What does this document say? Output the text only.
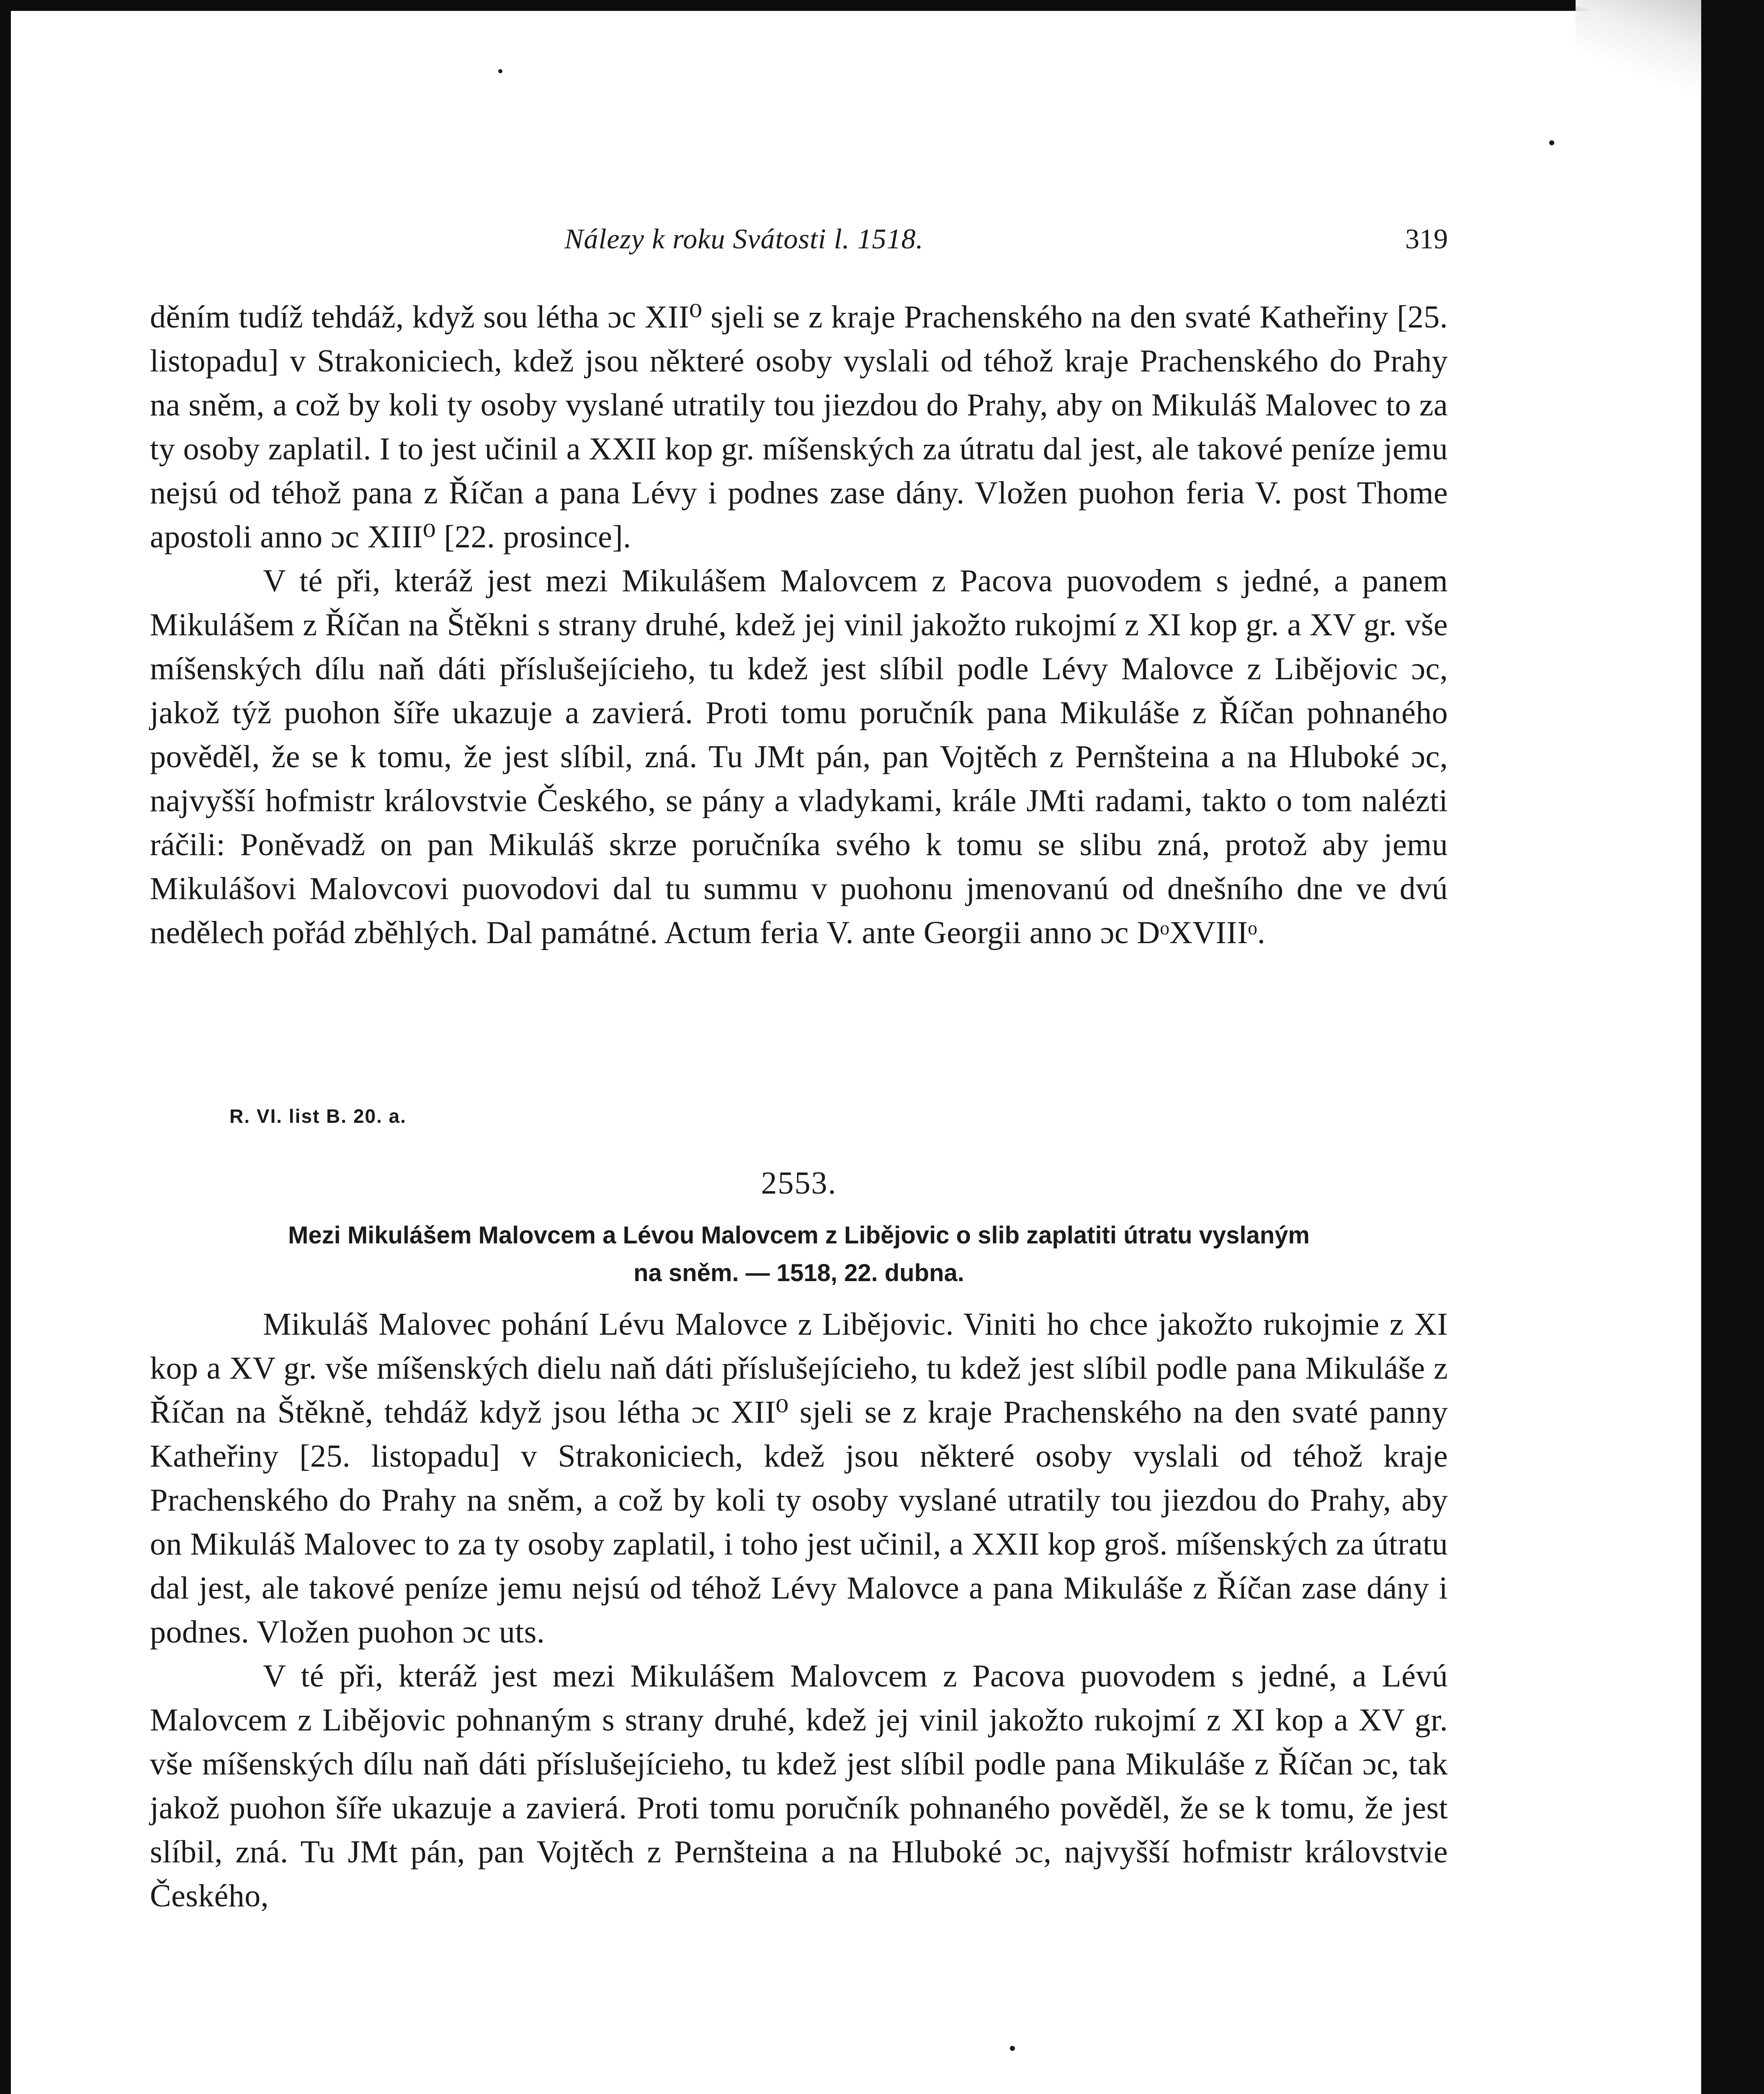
Nálezy k roku Svátosti l. 1518.	319

děním tudíž tehdáž, když sou létha ɔc XII⁰ sjeli se z kraje Prachenského na den svaté Katheřiny [25. listopadu] v Strakoniciech, kdež jsou některé osoby vyslali od téhož kraje Prachenského do Prahy na sněm, a což by koli ty osoby vyslané utratily tou jiezdou do Prahy, aby on Mikuláš Malovec to za ty osoby zaplatil. I to jest učinil a XXII kop gr. míšenských za útratu dal jest, ale takové peníze jemu nejsú od téhož pana z Říčan a pana Lévy i podnes zase dány. Vložen puohon feria V. post Thome apostoli anno ɔc XIII⁰ [22. prosince].

V té při, kteráž jest mezi Mikulášem Malovcem z Pacova puovodem s jedné, a panem Mikulášem z Říčan na Štěkni s strany druhé, kdež jej vinil jakožto rukojmí z XI kop gr. a XV gr. vše míšenských dílu naň dáti příslušejícieho, tu kdež jest slíbil podle Lévy Malovce z Libějovic ɔc, jakož týž puohon šíře ukazuje a zavierá. Proti tomu poručník pana Mikuláše z Říčan pohnaného pověděl, že se k tomu, že jest slíbil, zná. Tu JMt pán, pan Vojtěch z Pernšteina a na Hluboké ɔc, najvyšší hofmistr královstvie Českého, se pány a vladykami, krále JMti radami, takto o tom nalézti ráčili: Poněvadž on pan Mikuláš skrze poručníka svého k tomu se slibu zná, protož aby jemu Mikulášovi Malovcovi puovodovi dal tu summu v puohonu jmenovanú od dnešního dne ve dvú nedělech pořád zběhlých. Dal památné. Actum feria V. ante Georgii anno ɔc DᵒXVIIIᵒ.

R. VI. list B. 20. a.
2553.
Mezi Mikulášem Malovcem a Lévou Malovcem z Libějovic o slib zaplatiti útratu vyslaným
na sněm. — 1518, 22. dubna.

Mikuláš Malovec pohání Lévu Malovce z Libějovic. Viniti ho chce jakožto rukojmie z XI kop a XV gr. vše míšenských dielu naň dáti příslušejícieho, tu kdež jest slíbil podle pana Mikuláše z Říčan na Štěkně, tehdáž když jsou létha ɔc XII⁰ sjeli se z kraje Prachenského na den svaté panny Katheřiny [25. listopadu] v Strakoniciech, kdež jsou některé osoby vyslali od téhož kraje Prachenského do Prahy na sněm, a což by koli ty osoby vyslané utratily tou jiezdou do Prahy, aby on Mikuláš Malovec to za ty osoby zaplatil, i toho jest učinil, a XXII kop groš. míšenských za útratu dal jest, ale takové peníze jemu nejsú od téhož Lévy Malovce a pana Mikuláše z Říčan zase dány i podnes. Vložen puohon ɔc uts.

V té při, kteráž jest mezi Mikulášem Malovcem z Pacova puovodem s jedné, a Lévú Malovcem z Libějovic pohnaným s strany druhé, kdež jej vinil jakožto rukojmí z XI kop a XV gr. vše míšenských dílu naň dáti příslušejícieho, tu kdež jest slíbil podle pana Mikuláše z Říčan ɔc, tak jakož puohon šíře ukazuje a zavierá. Proti tomu poručník pohnaného pověděl, že se k tomu, že jest slíbil, zná. Tu JMt pán, pan Vojtěch z Pernšteina a na Hluboké ɔc, najvyšší hofmistr královstvie Českého,
